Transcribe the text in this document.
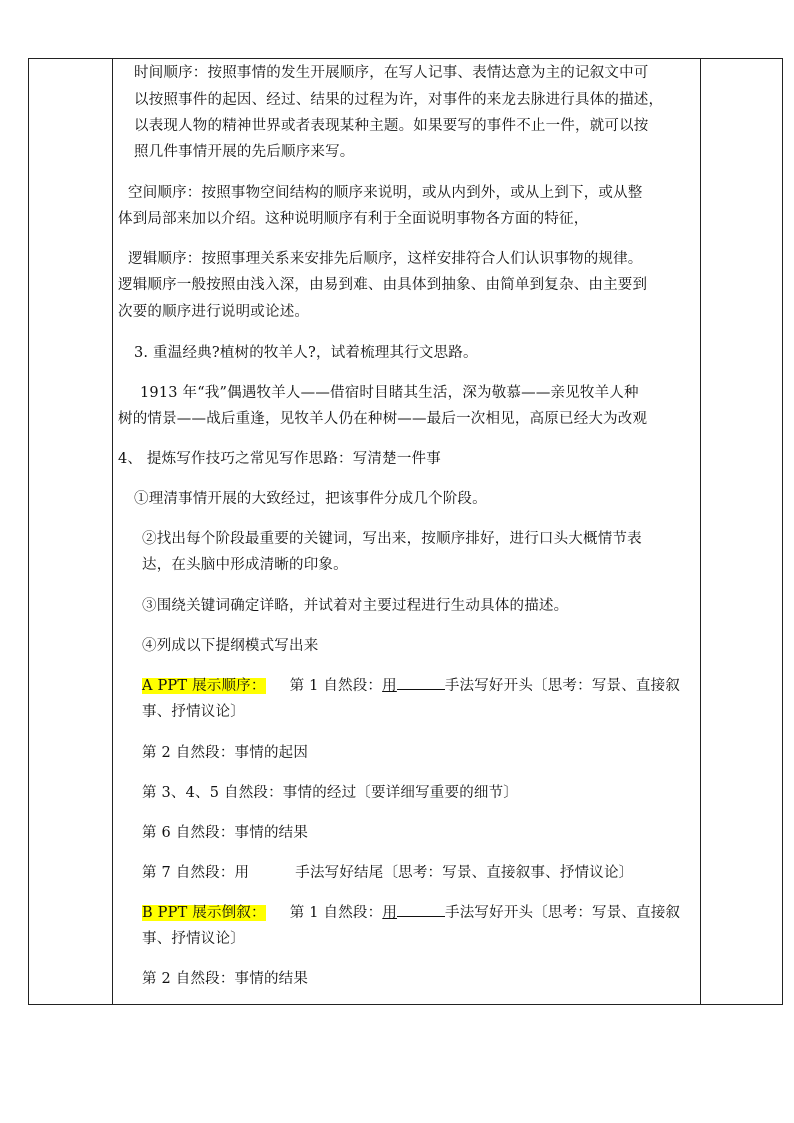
时间顺序：按照事情的发生开展顺序，在写人记事、表情达意为主的记叙文中可
以按照事件的起因、经过、结果的过程为许，对事件的来龙去脉进行具体的描述，
以表现人物的精神世界或者表现某种主题。如果要写的事件不止一件，就可以按
照几件事情开展的先后顺序来写。
空间顺序：按照事物空间结构的顺序来说明，或从内到外，或从上到下，或从整
体到局部来加以介绍。这种说明顺序有利于全面说明事物各方面的特征，
逻辑顺序：按照事理关系来安排先后顺序，这样安排符合人们认识事物的规律。
逻辑顺序一般按照由浅入深，由易到难、由具体到抽象、由简单到复杂、由主要到
次要的顺序进行说明或论述。
3. 重温经典?植树的牧羊人?，试着梳理其行文思路。
1913 年“我”偶遇牧羊人——借宿时目睹其生活，深为敬慕——亲见牧羊人种
树的情景——战后重逢，见牧羊人仍在种树——最后一次相见，高原已经大为改观
4、 提炼写作技巧之常见写作思路：写清楚一件事
①理清事情开展的大致经过，把该事件分成几个阶段。
②找出每个阶段最重要的关键词，写出来，按顺序排好，进行口头大概情节表
达，在头脑中形成清晰的印象。
③围绕关键词确定详略，并试着对主要过程进行生动具体的描述。
④列成以下提纲模式写出来
A PPT 展示顺序： 第 1 自然段：用	手法写好开头〔思考：写景、直接叙
事、抒情议论〕
第 2 自然段：事情的起因
第 3、4、5 自然段：事情的经过〔要详细写重要的细节〕
第 6 自然段：事情的结果
第 7 自然段：用	手法写好结尾〔思考：写景、直接叙事、抒情议论〕
B PPT 展示倒叙： 第 1 自然段：用	手法写好开头〔思考：写景、直接叙
事、抒情议论〕
第 2 自然段：事情的结果
